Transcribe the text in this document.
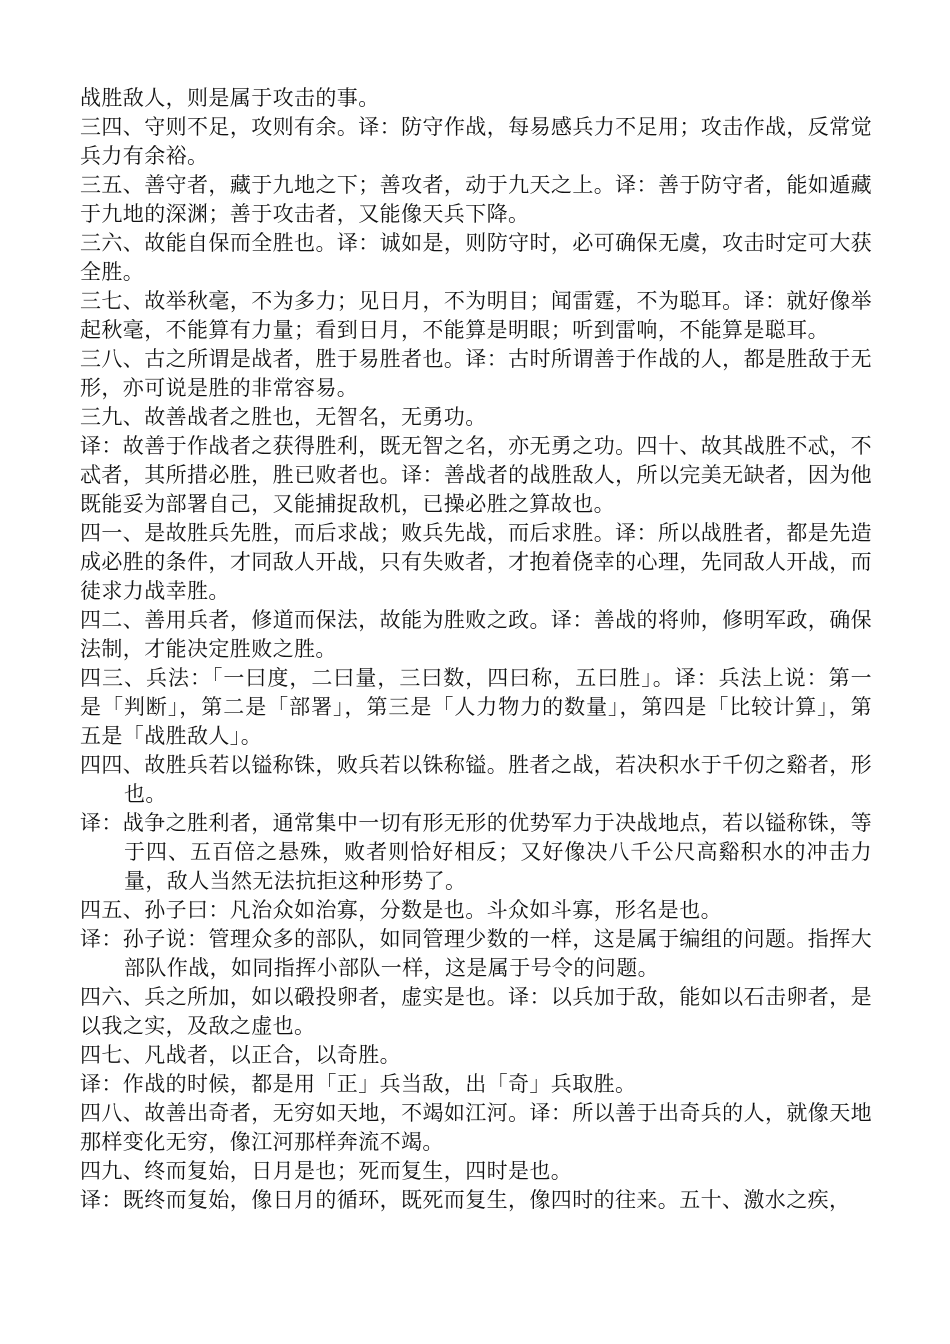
战胜敌人，则是属于攻击的事。

三四、守则不足，攻则有余。译：防守作战，每易感兵力不足用；攻击作战，反常觉兵力有余裕。

三五、善守者，藏于九地之下；善攻者，动于九天之上。译：善于防守者，能如遁藏于九地的深渊；善于攻击者，又能像天兵下降。

三六、故能自保而全胜也。译：诚如是，则防守时，必可确保无虞，攻击时定可大获全胜。

三七、故举秋毫，不为多力；见日月，不为明目；闻雷霆，不为聪耳。译：就好像举起秋毫，不能算有力量；看到日月，不能算是明眼；听到雷响，不能算是聪耳。

三八、古之所谓是战者，胜于易胜者也。译：古时所谓善于作战的人，都是胜敌于无形，亦可说是胜的非常容易。

三九、故善战者之胜也，无智名，无勇功。

译：故善于作战者之获得胜利，既无智之名，亦无勇之功。四十、故其战胜不忒，不忒者，其所措必胜，胜已败者也。译：善战者的战胜敌人，所以完美无缺者，因为他既能妥为部署自己，又能捕捉敌机，已操必胜之算故也。

四一、是故胜兵先胜，而后求战；败兵先战，而后求胜。译：所以战胜者，都是先造成必胜的条件，才同敌人开战，只有失败者，才抱着侥幸的心理，先同敌人开战，而徒求力战幸胜。

四二、善用兵者，修道而保法，故能为胜败之政。译：善战的将帅，修明军政，确保法制，才能决定胜败之胜。

四三、兵法：「一曰度，二曰量，三曰数，四曰称，五曰胜」。译：兵法上说：第一是「判断」，第二是「部署」，第三是「人力物力的数量」，第四是「比较计算」，第五是「战胜敌人」。

四四、故胜兵若以镒称铢，败兵若以铢称镒。胜者之战，若决积水于千仞之谿者，形也。

译：战争之胜利者，通常集中一切有形无形的优势军力于决战地点，若以镒称铢，等于四、五百倍之悬殊，败者则恰好相反；又好像决八千公尺高谿积水的冲击力量，敌人当然无法抗拒这种形势了。

四五、孙子曰：凡治众如治寡，分数是也。斗众如斗寡，形名是也。

译：孙子说：管理众多的部队，如同管理少数的一样，这是属于编组的问题。指挥大部队作战，如同指挥小部队一样，这是属于号令的问题。

四六、兵之所加，如以碫投卵者，虚实是也。译：以兵加于敌，能如以石击卵者，是以我之实，及敌之虚也。

四七、凡战者，以正合，以奇胜。

译：作战的时候，都是用「正」兵当敌，出「奇」兵取胜。

四八、故善出奇者，无穷如天地，不竭如江河。译：所以善于出奇兵的人，就像天地那样变化无穷，像江河那样奔流不竭。

四九、终而复始，日月是也；死而复生，四时是也。

译：既终而复始，像日月的循环，既死而复生，像四时的往来。五十、激水之疾，
